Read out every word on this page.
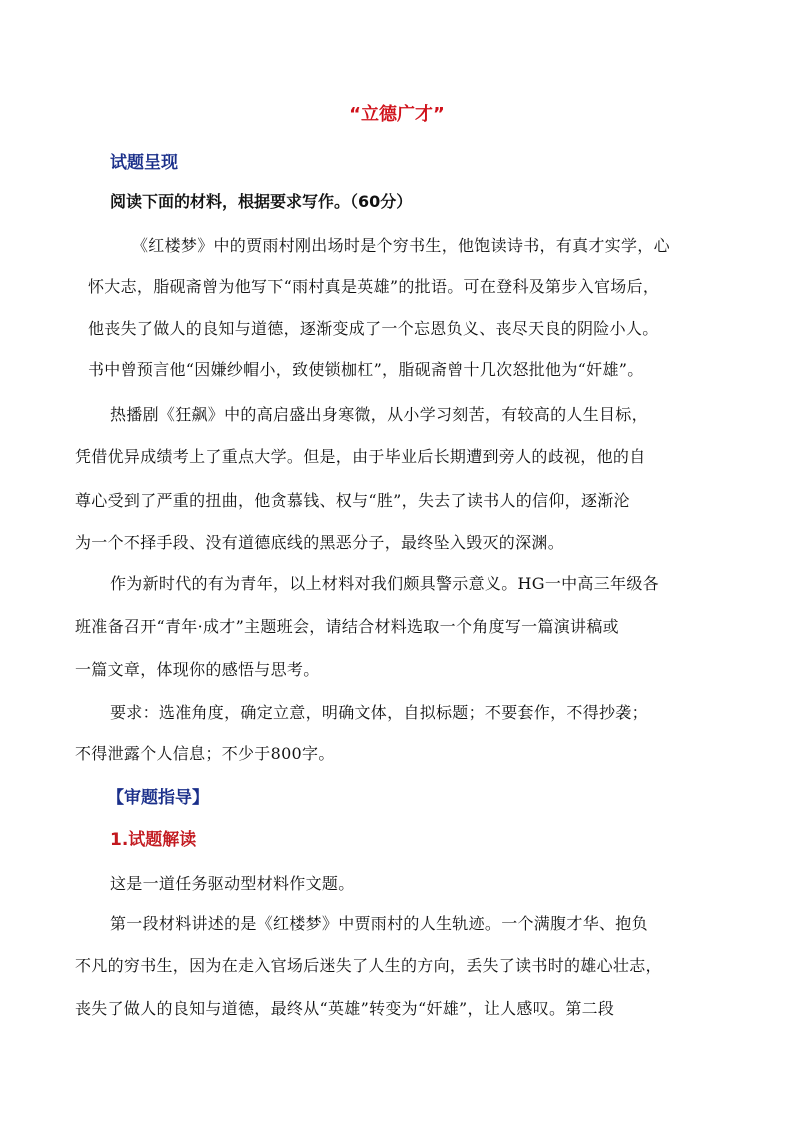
“立德广才”
试题呈现
阅读下面的材料，根据要求写作。（60分）
《红楼梦》中的贾雨村刚出场时是个穷书生，他饱读诗书，有真才实学，心
怀大志，脂砚斋曾为他写下“雨村真是英雄”的批语。可在登科及第步入官场后，
他丧失了做人的良知与道德，逐渐变成了一个忘恩负义、丧尽天良的阴险小人。
书中曾预言他“因嫌纱帽小，致使锁枷杠”，脂砚斋曾十几次怒批他为“奸雄”。
热播剧《狂飙》中的高启盛出身寒微，从小学习刻苦，有较高的人生目标，
凭借优异成绩考上了重点大学。但是，由于毕业后长期遭到旁人的歧视，他的自
尊心受到了严重的扭曲，他贪慕钱、权与“胜”，失去了读书人的信仰，逐渐沦
为一个不择手段、没有道德底线的黑恶分子，最终坠入毁灭的深渊。
作为新时代的有为青年，以上材料对我们颇具警示意义。HG一中高三年级各
班准备召开“青年·成才”主题班会，请结合材料选取一个角度写一篇演讲稿或
一篇文章，体现你的感悟与思考。
要求：选准角度，确定立意，明确文体，自拟标题；不要套作，不得抄袭；
不得泄露个人信息；不少于800字。
【审题指导】
1.试题解读
这是一道任务驱动型材料作文题。
第一段材料讲述的是《红楼梦》中贾雨村的人生轨迹。一个满腹才华、抱负
不凡的穷书生，因为在走入官场后迷失了人生的方向，丢失了读书时的雄心壮志，
丧失了做人的良知与道德，最终从“英雄”转变为“奸雄”，让人感叹。第二段
